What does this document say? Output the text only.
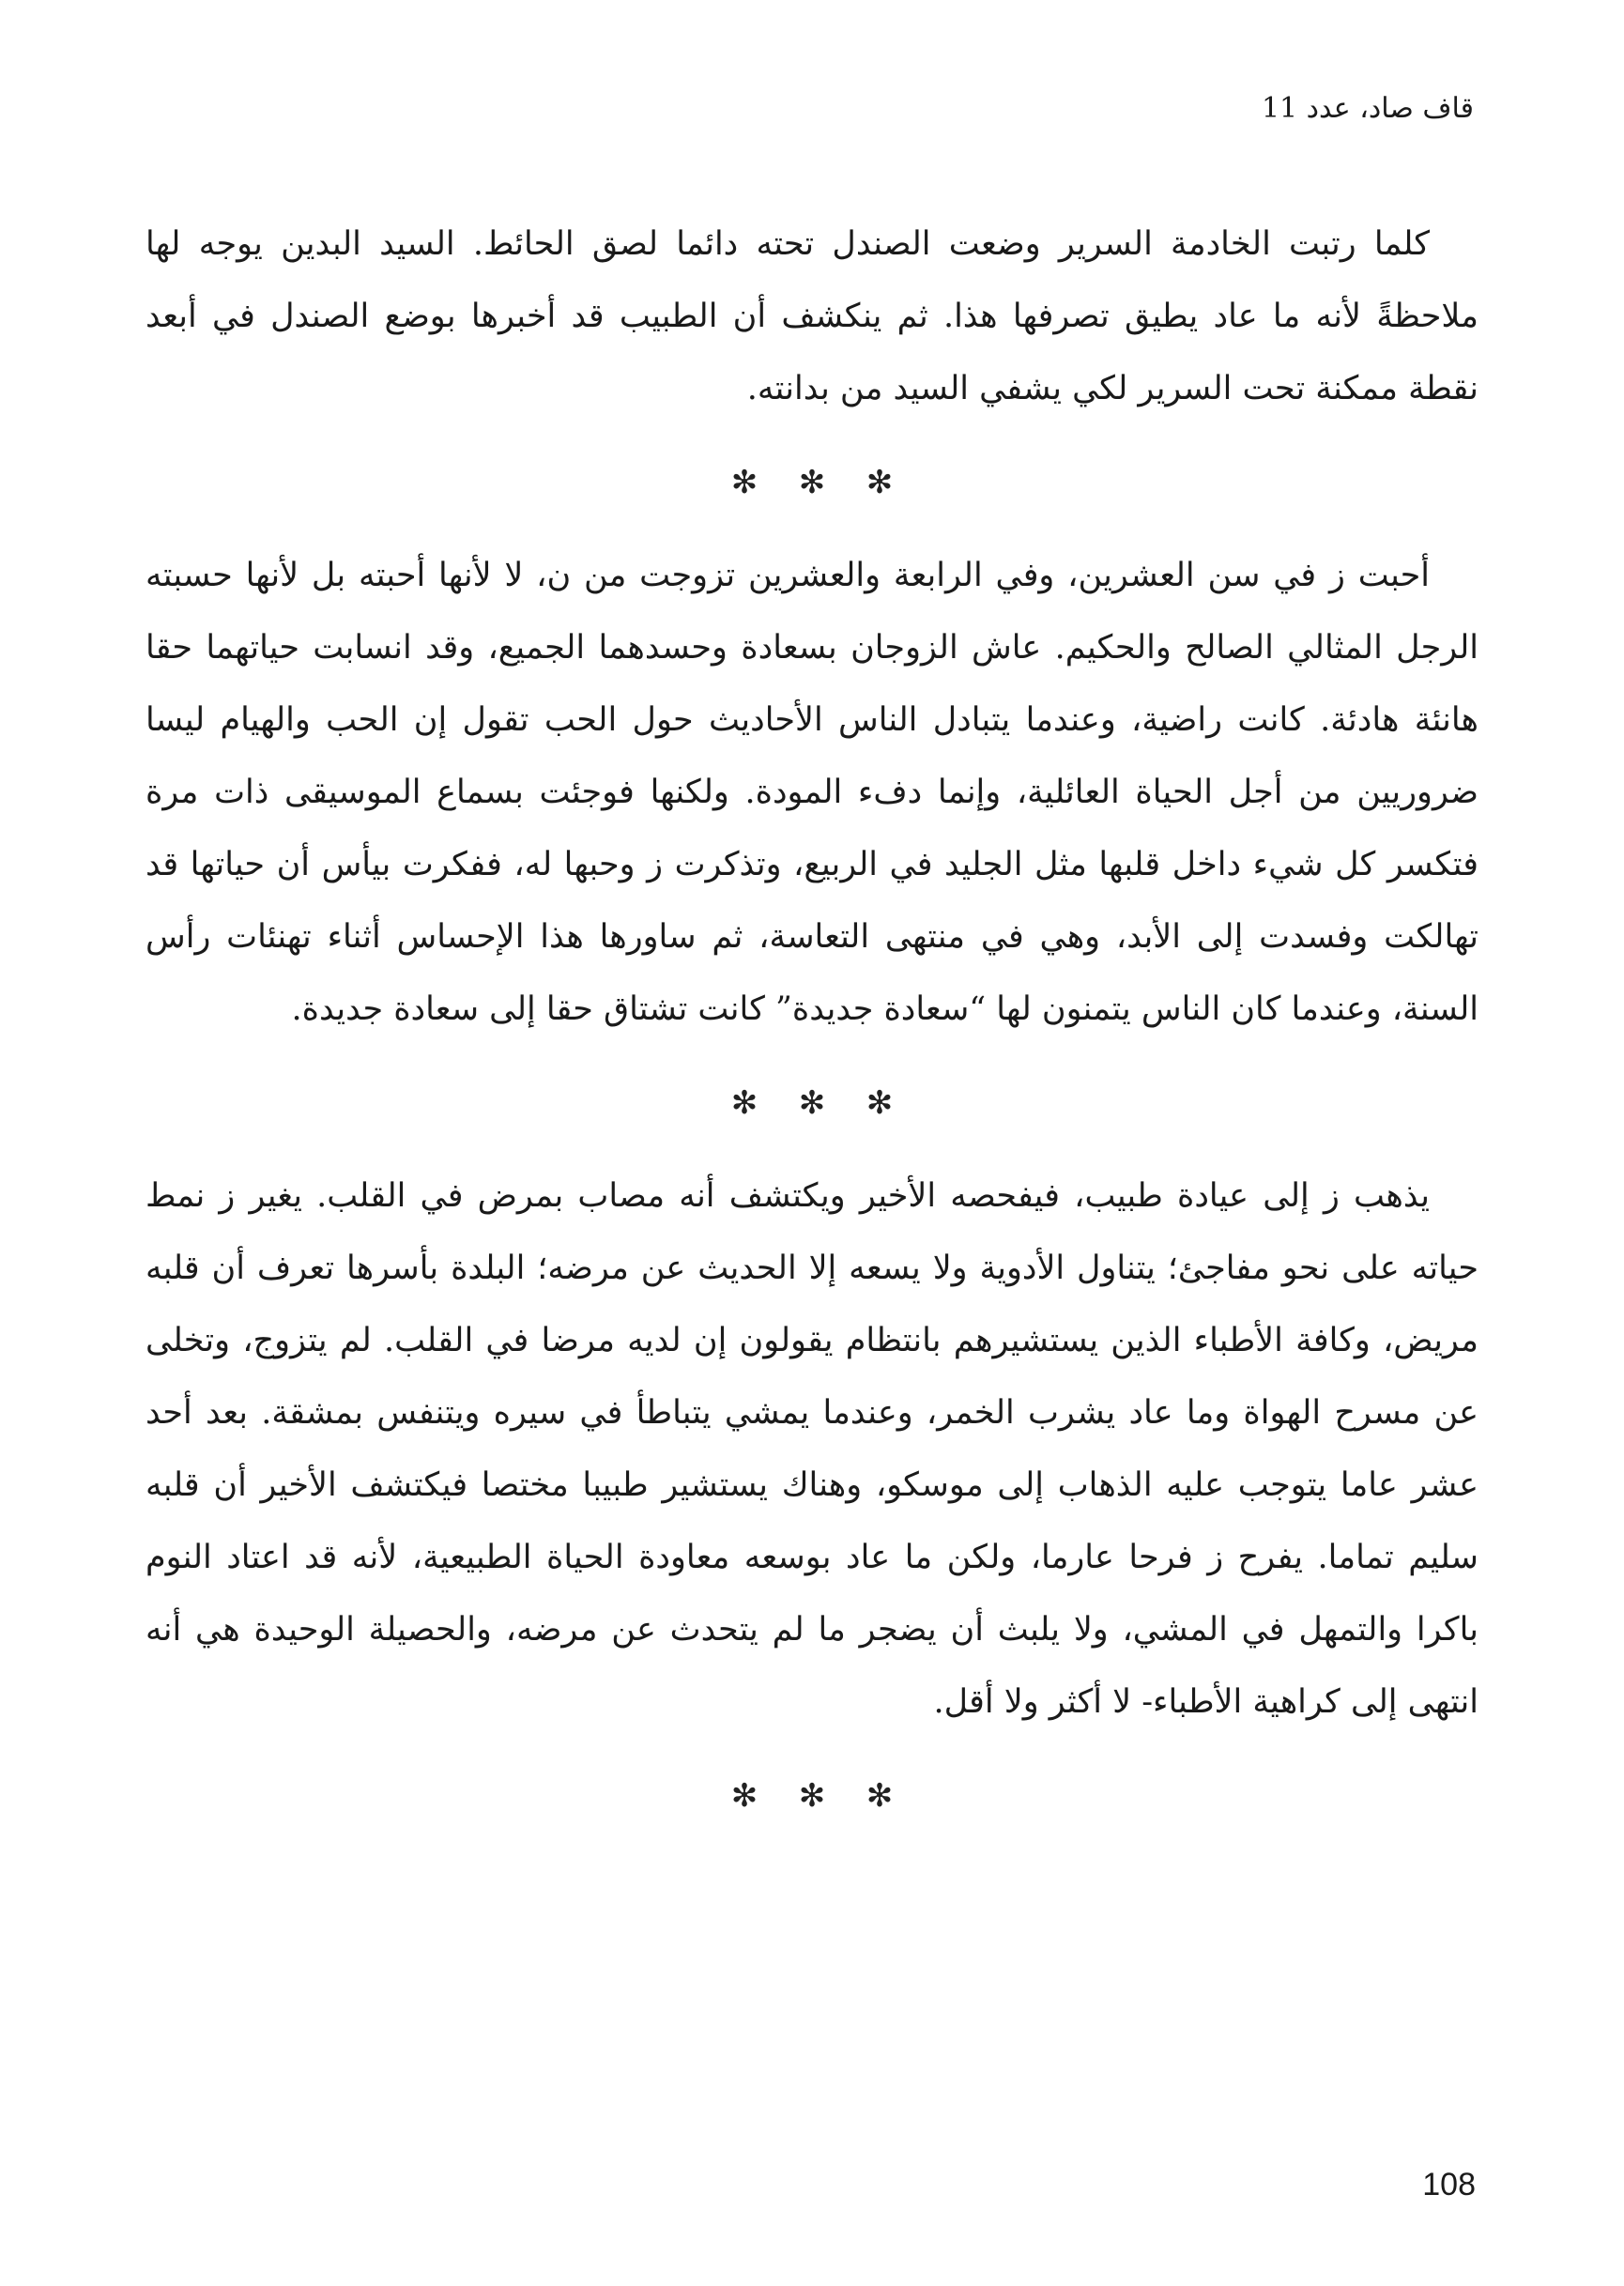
قاف صاد، عدد 11

كلما رتبت الخادمة السرير وضعت الصندل تحته دائما لصق الحائط. السيد البدين يوجه لها ملاحظةً لأنه ما عاد يطيق تصرفها هذا. ثم ينكشف أن الطبيب قد أخبرها بوضع الصندل في أبعد نقطة ممكنة تحت السرير لكي يشفي السيد من بدانته.

✻ ✻ ✻

أحبت ز في سن العشرين، وفي الرابعة والعشرين تزوجت من ن، لا لأنها أحبته بل لأنها حسبته الرجل المثالي الصالح والحكيم. عاش الزوجان بسعادة وحسدهما الجميع، وقد انسابت حياتهما حقا هانئة هادئة. كانت راضية، وعندما يتبادل الناس الأحاديث حول الحب تقول إن الحب والهيام ليسا ضروريين من أجل الحياة العائلية، وإنما دفء المودة. ولكنها فوجئت بسماع الموسيقى ذات مرة فتكسر كل شيء داخل قلبها مثل الجليد في الربيع، وتذكرت ز وحبها له، ففكرت بيأس أن حياتها قد تهالكت وفسدت إلى الأبد، وهي في منتهى التعاسة، ثم ساورها هذا الإحساس أثناء تهنئات رأس السنة، وعندما كان الناس يتمنون لها “سعادة جديدة” كانت تشتاق حقا إلى سعادة جديدة.

✻ ✻ ✻

يذهب ز إلى عيادة طبيب، فيفحصه الأخير ويكتشف أنه مصاب بمرض في القلب. يغير ز نمط حياته على نحو مفاجئ؛ يتناول الأدوية ولا يسعه إلا الحديث عن مرضه؛ البلدة بأسرها تعرف أن قلبه مريض، وكافة الأطباء الذين يستشيرهم بانتظام يقولون إن لديه مرضا في القلب. لم يتزوج، وتخلى عن مسرح الهواة وما عاد يشرب الخمر، وعندما يمشي يتباطأ في سيره ويتنفس بمشقة. بعد أحد عشر عاما يتوجب عليه الذهاب إلى موسكو، وهناك يستشير طبيبا مختصا فيكتشف الأخير أن قلبه سليم تماما. يفرح ز فرحا عارما، ولكن ما عاد بوسعه معاودة الحياة الطبيعية، لأنه قد اعتاد النوم باكرا والتمهل في المشي، ولا يلبث أن يضجر ما لم يتحدث عن مرضه، والحصيلة الوحيدة هي أنه انتهى إلى كراهية الأطباء- لا أكثر ولا أقل.

✻ ✻ ✻
108
